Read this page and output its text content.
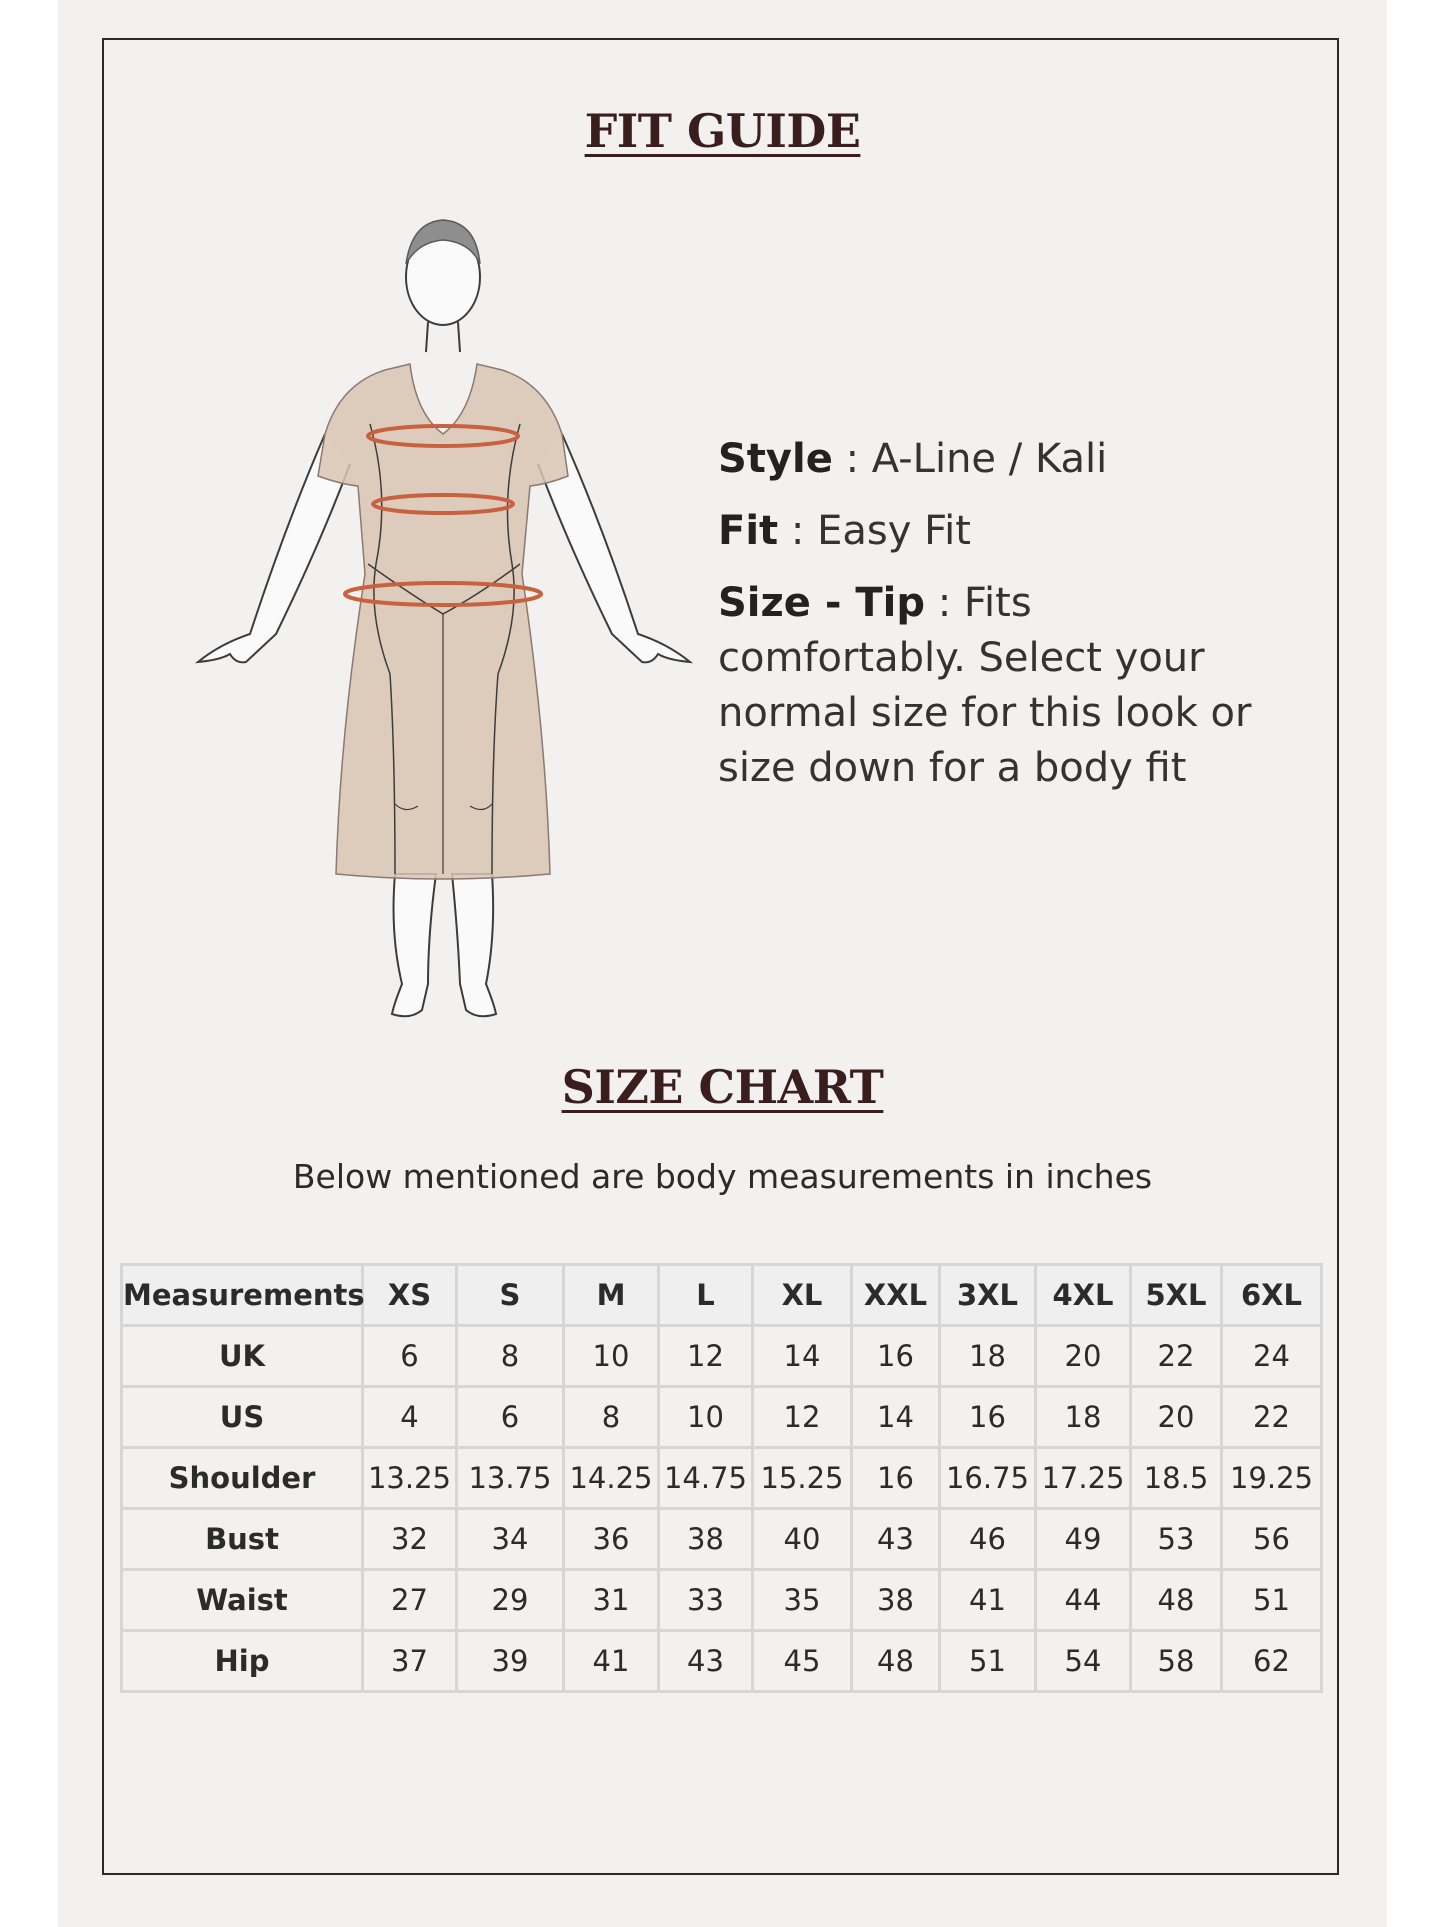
FIT GUIDE

Style : A-Line / Kali

Fit : Easy Fit

Size - Tip : Fits

comfortably. Select your

normal size for this look or

size down for a body fit

SIZE CHART
Below mentioned are body measurements in inches
Measurements	XS	S	M	L	XL	XXL	3XL	4XL	5XL	6XL
UK	6	8	10	12	14	16	18	20	22	24
US	4	6	8	10	12	14	16	18	20	22
Shoulder	13.25	13.75	14.25	14.75	15.25	16	16.75	17.25	18.5	19.25
Bust	32	34	36	38	40	43	46	49	53	56
Waist	27	29	31	33	35	38	41	44	48	51
Hip	37	39	41	43	45	48	51	54	58	62
